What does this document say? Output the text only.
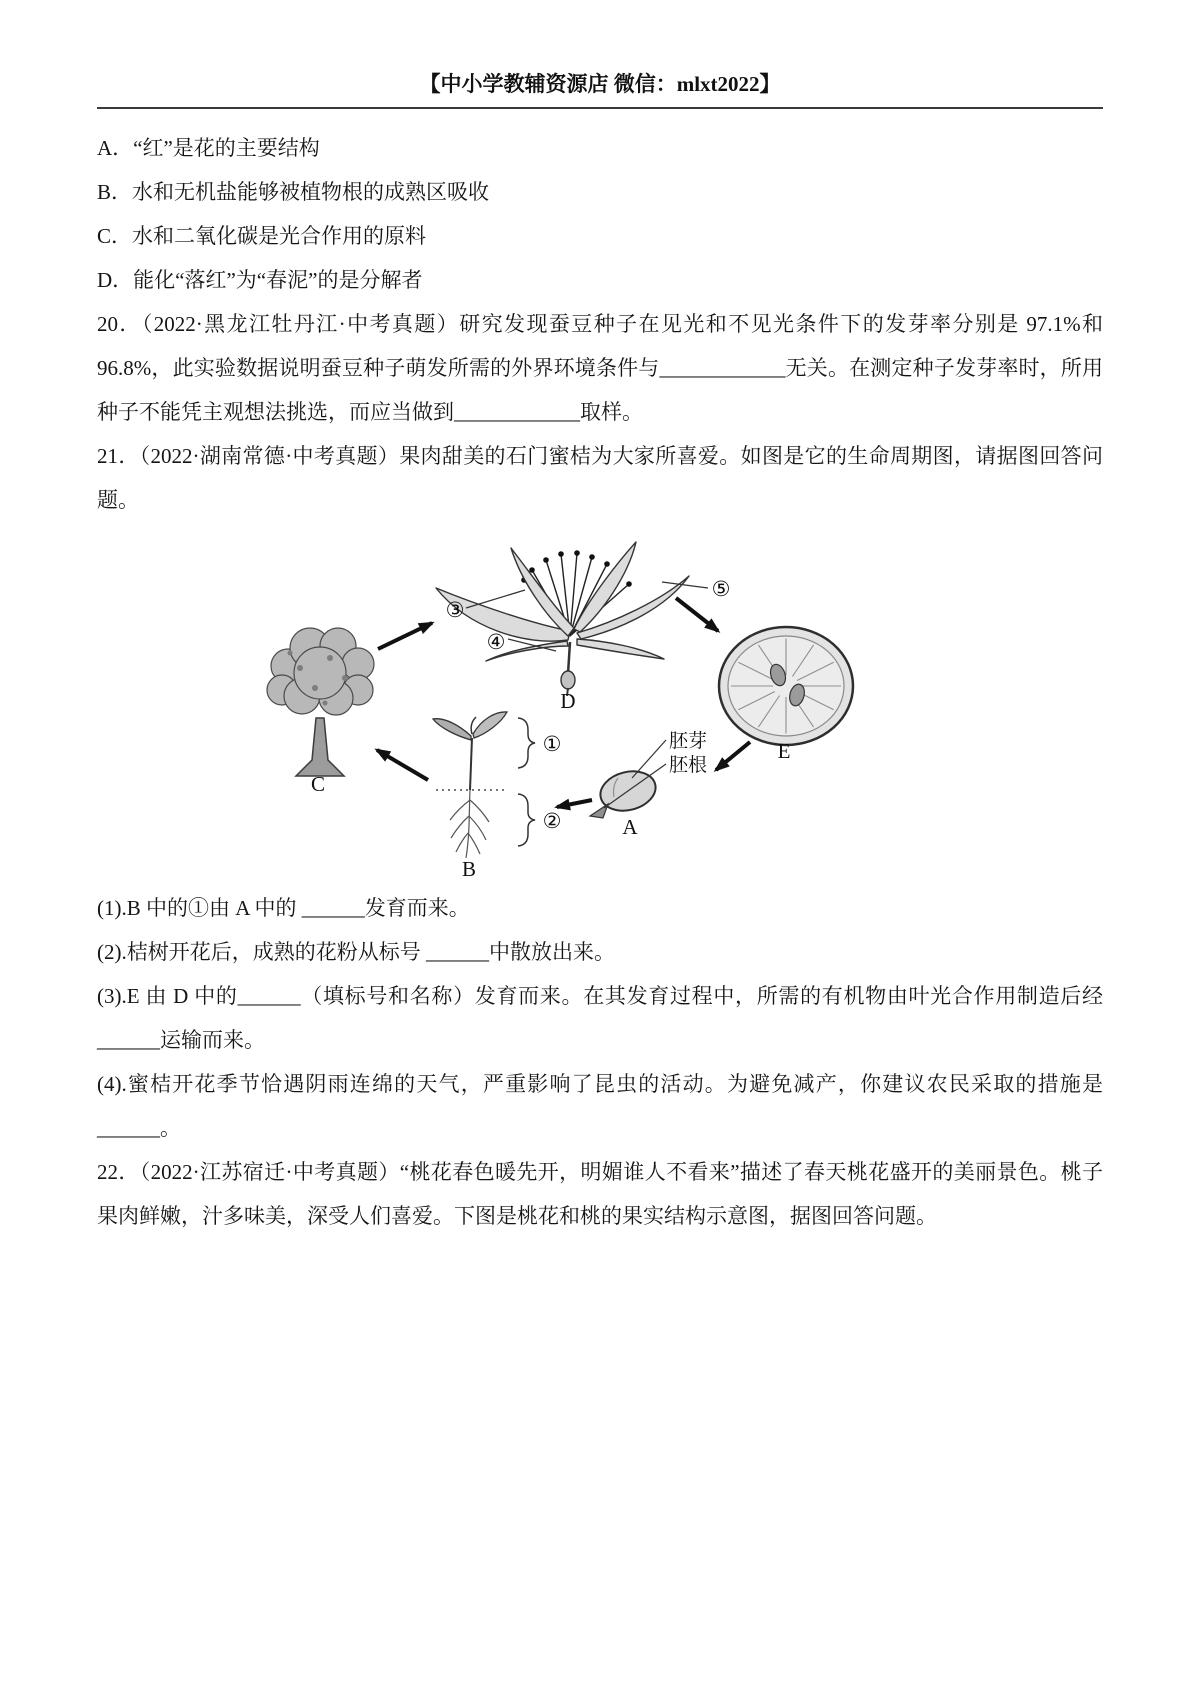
【中小学教辅资源店 微信：mlxt2022】
A．“红”是花的主要结构
B．水和无机盐能够被植物根的成熟区吸收
C．水和二氧化碳是光合作用的原料
D．能化“落红”为“春泥”的是分解者
20．（2022·黑龙江牡丹江·中考真题）研究发现蚕豆种子在见光和不见光条件下的发芽率分别是 97.1%和 96.8%，此实验数据说明蚕豆种子萌发所需的外界环境条件与____________无关。在测定种子发芽率时，所用种子不能凭主观想法挑选，而应当做到____________取样。
21．（2022·湖南常德·中考真题）果肉甜美的石门蜜桔为大家所喜爱。如图是它的生命周期图，请据图回答问题。
C
D
③
④
⑤
E
A
胚芽
胚根
B
①
②
(1).B 中的①由 A 中的 ______发育而来。
(2).桔树开花后，成熟的花粉从标号 ______中散放出来。
(3).E 由 D 中的______（填标号和名称）发育而来。在其发育过程中，所需的有机物由叶光合作用制造后经______运输而来。
(4).蜜桔开花季节恰遇阴雨连绵的天气，严重影响了昆虫的活动。为避免减产，你建议农民采取的措施是______。
22．（2022·江苏宿迁·中考真题）“桃花春色暖先开，明媚谁人不看来”描述了春天桃花盛开的美丽景色。桃子果肉鲜嫩，汁多味美，深受人们喜爱。下图是桃花和桃的果实结构示意图，据图回答问题。
